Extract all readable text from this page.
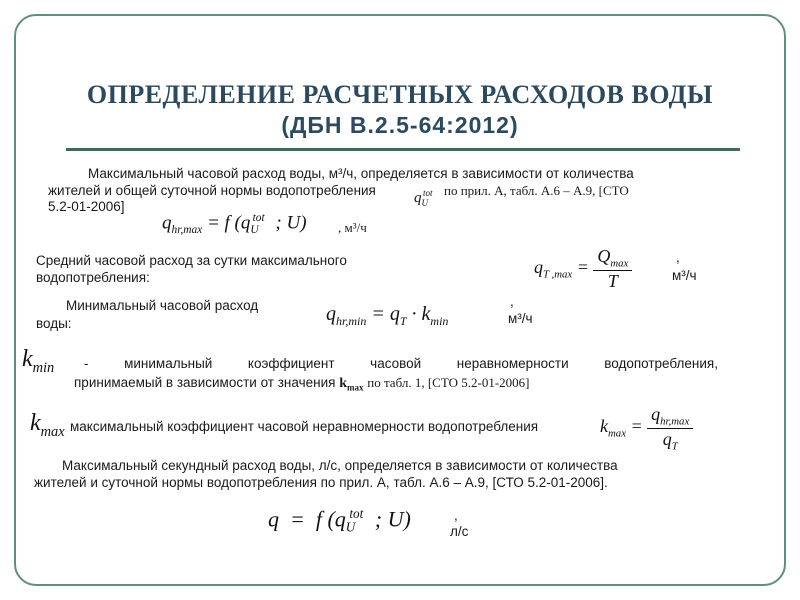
ОПРЕДЕЛЕНИЕ РАСЧЕТНЫХ РАСХОДОВ ВОДЫ
(ДБН В.2.5-64:2012)
Максимальный часовой расход воды, м³/ч, определяется в зависимости от количества
жителей и общей суточной нормы водопотребления	$q_U^{tot}$ по прил. А, табл. А.6 – А.9, [СТО
5.2-01-2006]
$q_{hr,max} = f$ ($q_U^{tot}$ ; U) , м³/ч
Средний часовой расход за сутки максимального
водопотребления:
$q_{T ,max} = \frac{Q_{max}}{T}$	,
м³/ч
Минимальный часовой расход
воды:	$q_{hr,min} = q_T \cdot k_{min}$
,
м³/ч
$k_{min}$ - минимальный коэффициент часовой неравномерности водопотребления,
принимаемый в зависимости от значения $k_{max}$ по табл. 1, [СТО 5.2-01-2006]
$k_{max}$ максимальный коэффициент часовой неравномерности водопотребления	$k_{max} = \frac{q_{hr,max}}{q_T}$
Максимальный секундный расход воды, л/с, определяется в зависимости от количества
жителей и суточной нормы водопотребления по прил. А, табл. А.6 – А.9, [СТО 5.2-01-2006].
q  =  f ($q_U^{tot}$ ; U)	,
л/с
